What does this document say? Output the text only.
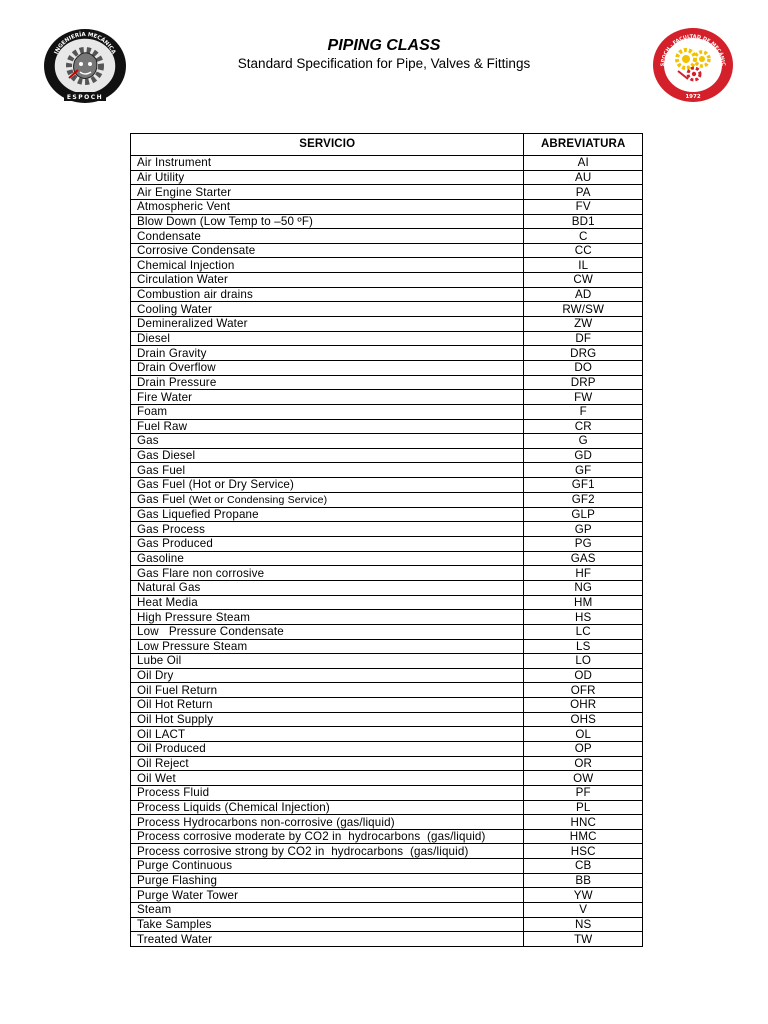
INGENIERÍA MECÁNICA
ESPOCH
PIPING CLASS
Standard Specification for Pipe, Valves & Fittings	SPOCH · FACULTAD DE MECÁNIC
1972
SERVICIO	ABREVIATURA
Air Instrument	AI
Air Utility	AU
Air Engine Starter	PA
Atmospheric Vent	FV
Blow Down (Low Temp to –50 ºF)	BD1
Condensate	C
Corrosive Condensate	CC
Chemical Injection	IL
Circulation Water	CW
Combustion air drains	AD
Cooling Water	RW/SW
Demineralized Water	ZW
Diesel	DF
Drain Gravity	DRG
Drain Overflow	DO
Drain Pressure	DRP
Fire Water	FW
Foam	F
Fuel Raw	CR
Gas	G
Gas Diesel	GD
Gas Fuel	GF
Gas Fuel (Hot or Dry Service)	GF1
Gas Fuel (Wet or Condensing Service)	GF2
Gas Liquefied Propane	GLP
Gas Process	GP
Gas Produced	PG
Gasoline	GAS
Gas Flare non corrosive	HF
Natural Gas	NG
Heat Media	HM
High Pressure Steam	HS
Low   Pressure Condensate	LC
Low Pressure Steam	LS
Lube Oil	LO
Oil Dry	OD
Oil Fuel Return	OFR
Oil Hot Return	OHR
Oil Hot Supply	OHS
Oil LACT	OL
Oil Produced	OP
Oil Reject	OR
Oil Wet	OW
Process Fluid	PF
Process Liquids (Chemical Injection)	PL
Process Hydrocarbons non-corrosive (gas/liquid)	HNC
Process corrosive moderate by CO2 in  hydrocarbons  (gas/liquid)	HMC
Process corrosive strong by CO2 in  hydrocarbons  (gas/liquid)	HSC
Purge Continuous	CB
Purge Flashing	BB
Purge Water Tower	YW
Steam	V
Take Samples	NS
Treated Water	TW
